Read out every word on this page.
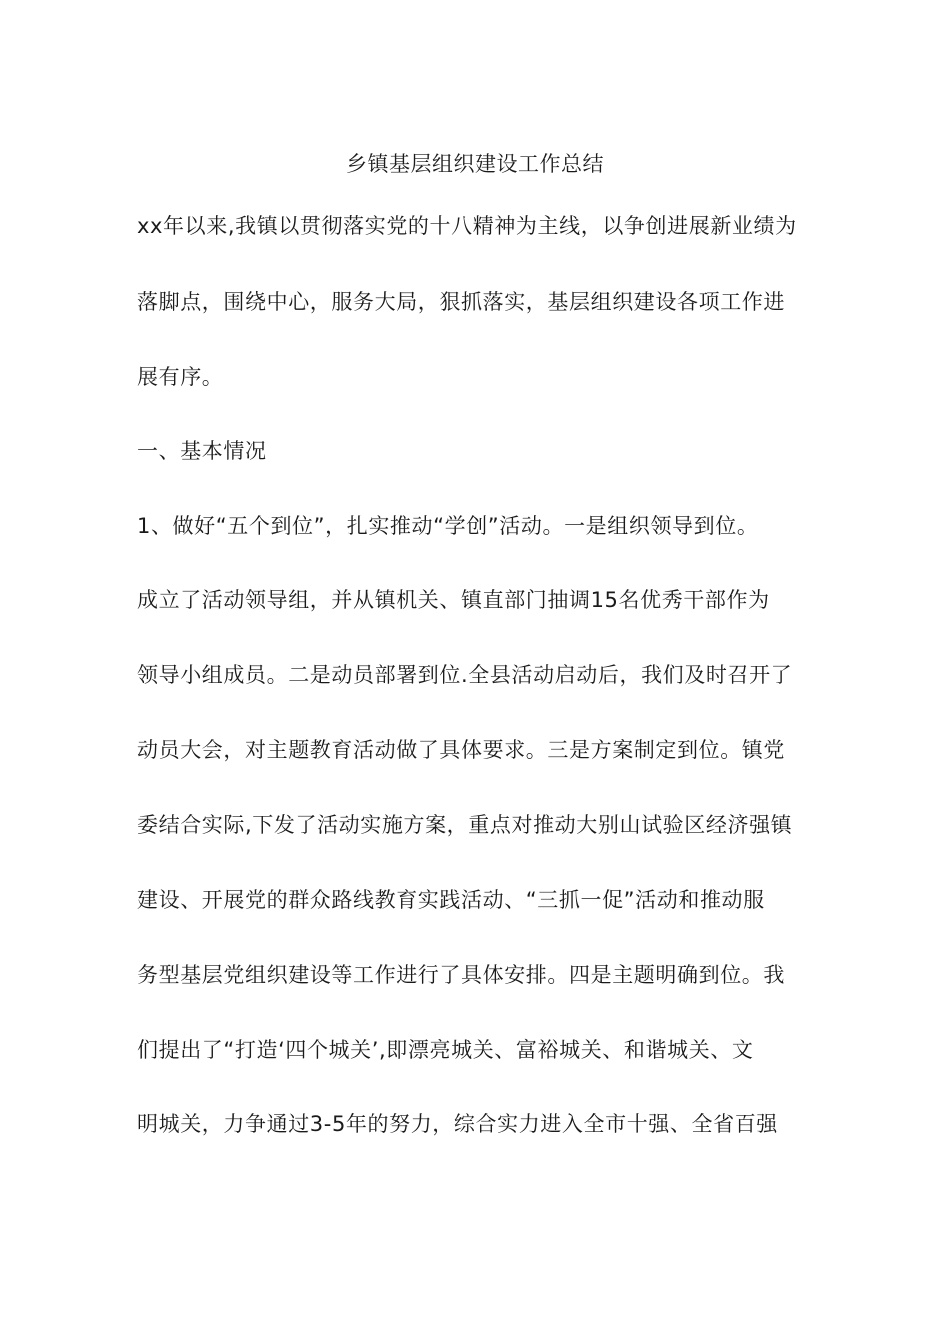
乡镇基层组织建设工作总结
xx年以来,我镇以贯彻落实党的十八精神为主线，以争创进展新业绩为
落脚点，围绕中心，服务大局，狠抓落实，基层组织建设各项工作进
展有序。
一、基本情况
1、做好“五个到位”，扎实推动“学创”活动。一是组织领导到位。
成立了活动领导组，并从镇机关、镇直部门抽调15名优秀干部作为
领导小组成员。二是动员部署到位.全县活动启动后，我们及时召开了
动员大会，对主题教育活动做了具体要求。三是方案制定到位。镇党
委结合实际,下发了活动实施方案，重点对推动大别山试验区经济强镇
建设、开展党的群众路线教育实践活动、“三抓一促”活动和推动服
务型基层党组织建设等工作进行了具体安排。四是主题明确到位。我
们提出了“打造‘四个城关’,即漂亮城关、富裕城关、和谐城关、文
明城关，力争通过3-5年的努力，综合实力进入全市十强、全省百强
